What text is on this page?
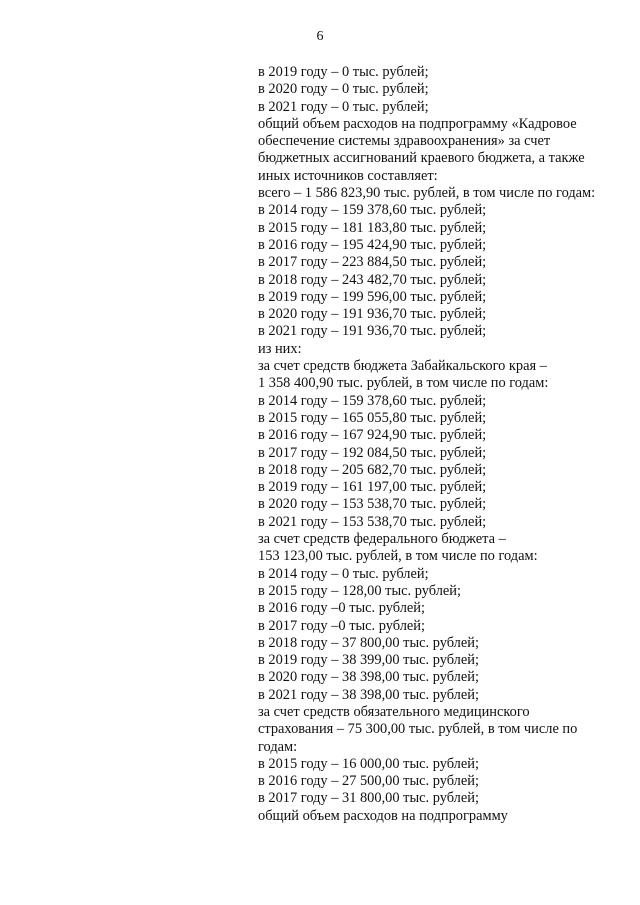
6

в 2019 году – 0 тыс. рублей;

в 2020 году – 0 тыс. рублей;

в 2021 году – 0 тыс. рублей;

общий объем расходов на подпрограмму «Кадровое

обеспечение системы здравоохранения» за счет

бюджетных ассигнований краевого бюджета, а также

иных источников составляет:

всего – 1 586 823,90 тыс. рублей, в том числе по годам:

в 2014 году – 159 378,60 тыс. рублей;

в 2015 году – 181 183,80 тыс. рублей;

в 2016 году – 195 424,90 тыс. рублей;

в 2017 году – 223 884,50 тыс. рублей;

в 2018 году – 243 482,70 тыс. рублей;

в 2019 году – 199 596,00 тыс. рублей;

в 2020 году – 191 936,70 тыс. рублей;

в 2021 году – 191 936,70 тыс. рублей;

из них:

за счет средств бюджета Забайкальского края –

1 358 400,90 тыс. рублей, в том числе по годам:

в 2014 году – 159 378,60 тыс. рублей;

в 2015 году – 165 055,80 тыс. рублей;

в 2016 году – 167 924,90 тыс. рублей;

в 2017 году – 192 084,50 тыс. рублей;

в 2018 году – 205 682,70 тыс. рублей;

в 2019 году – 161 197,00 тыс. рублей;

в 2020 году – 153 538,70 тыс. рублей;

в 2021 году – 153 538,70 тыс. рублей;

за счет средств федерального бюджета –

153 123,00 тыс. рублей, в том числе по годам:

в 2014 году – 0 тыс. рублей;

в 2015 году – 128,00 тыс. рублей;

в 2016 году –0 тыс. рублей;

в 2017 году –0 тыс. рублей;

в 2018 году – 37 800,00 тыс. рублей;

в 2019 году – 38 399,00 тыс. рублей;

в 2020 году – 38 398,00 тыс. рублей;

в 2021 году – 38 398,00 тыс. рублей;

за счет средств обязательного медицинского

страхования – 75 300,00 тыс. рублей, в том числе по

годам:

в 2015 году – 16 000,00 тыс. рублей;

в 2016 году – 27 500,00 тыс. рублей;

в 2017 году – 31 800,00 тыс. рублей;

общий объем расходов на подпрограмму
